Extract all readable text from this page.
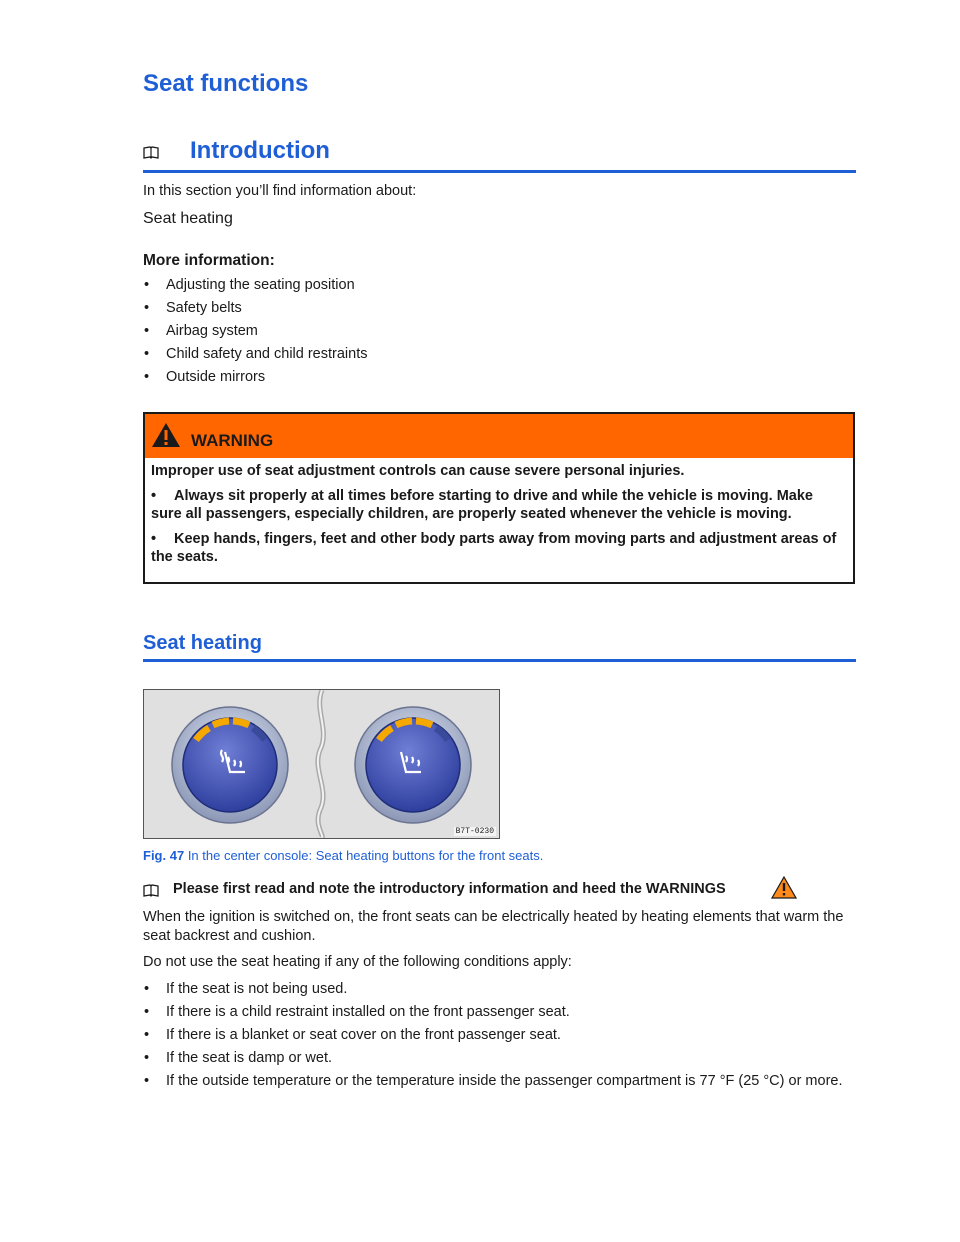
Seat functions
Introduction
In this section you’ll find information about:
Seat heating
More information:
• Adjusting the seating position
• Safety belts
• Airbag system
• Child safety and child restraints
• Outside mirrors
WARNING

Improper use of seat adjustment controls can cause severe personal injuries.

• Always sit properly at all times before starting to drive and while the vehicle is moving. Make sure all passengers, especially children, are properly seated whenever the vehicle is moving.

• Keep hands, fingers, feet and other body parts away from moving parts and adjustment areas of the seats.

Seat heating
B7T-0230
Fig. 47 In the center console: Seat heating buttons for the front seats.
Please first read and note the introductory information and heed the WARNINGS
When the ignition is switched on, the front seats can be electrically heated by heating elements that warm the seat backrest and cushion.
Do not use the seat heating if any of the following conditions apply:
• If the seat is not being used.
• If there is a child restraint installed on the front passenger seat.
• If there is a blanket or seat cover on the front passenger seat.
• If the seat is damp or wet.
• If the outside temperature or the temperature inside the passenger compartment is 77 °F (25 °C) or more.
